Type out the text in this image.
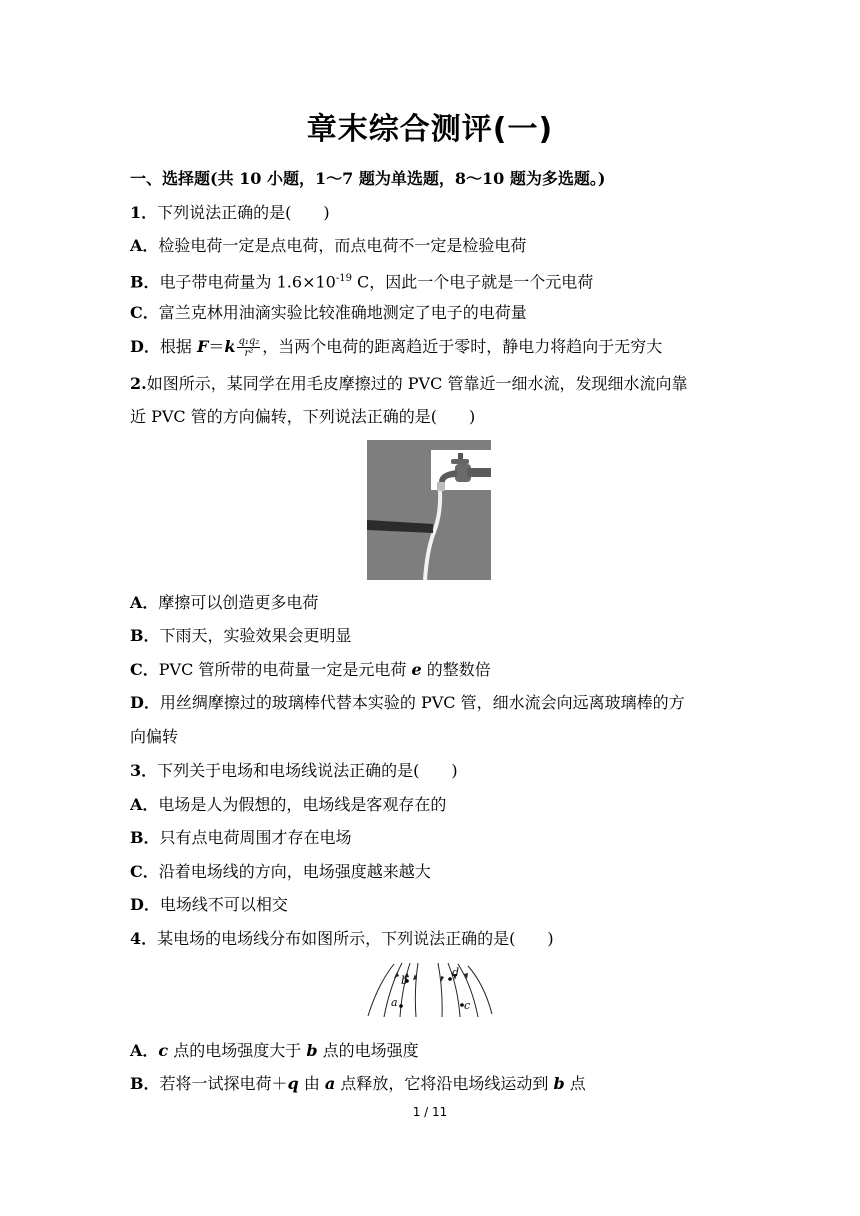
章末综合测评(一)
一、选择题(共 10 小题，1～7 题为单选题，8～10 题为多选题。)
1．下列说法正确的是(　　)
A．检验电荷一定是点电荷，而点电荷不一定是检验电荷
B．电子带电荷量为 $1.6\times 10^{-19}$ C，因此一个电子就是一个元电荷
C．富兰克林用油滴实验比较准确地测定了电子的电荷量
D．根据 $F=k \frac{\text{q₁q₂}}{\text{r²}}$ ，当两个电荷的距离趋近于零时，静电力将趋向于无穷大
2.如图所示，某同学在用毛皮摩擦过的 PVC 管靠近一细水流，发现细水流向靠
近 PVC 管的方向偏转，下列说法正确的是(　　)
A．摩擦可以创造更多电荷
B．下雨天，实验效果会更明显
C．PVC 管所带的电荷量一定是元电荷 e 的整数倍
D．用丝绸摩擦过的玻璃棒代替本实验的 PVC 管，细水流会向远离玻璃棒的方
向偏转
3．下列关于电场和电场线说法正确的是(　　)
A．电场是人为假想的，电场线是客观存在的
B．只有点电荷周围才存在电场
C．沿着电场线的方向，电场强度越来越大
D．电场线不可以相交
4．某电场的电场线分布如图所示，下列说法正确的是(　　)
b
a
d
c
A．c 点的电场强度大于 b 点的电场强度
B．若将一试探电荷＋q 由 a 点释放，它将沿电场线运动到 b 点
1 / 11
